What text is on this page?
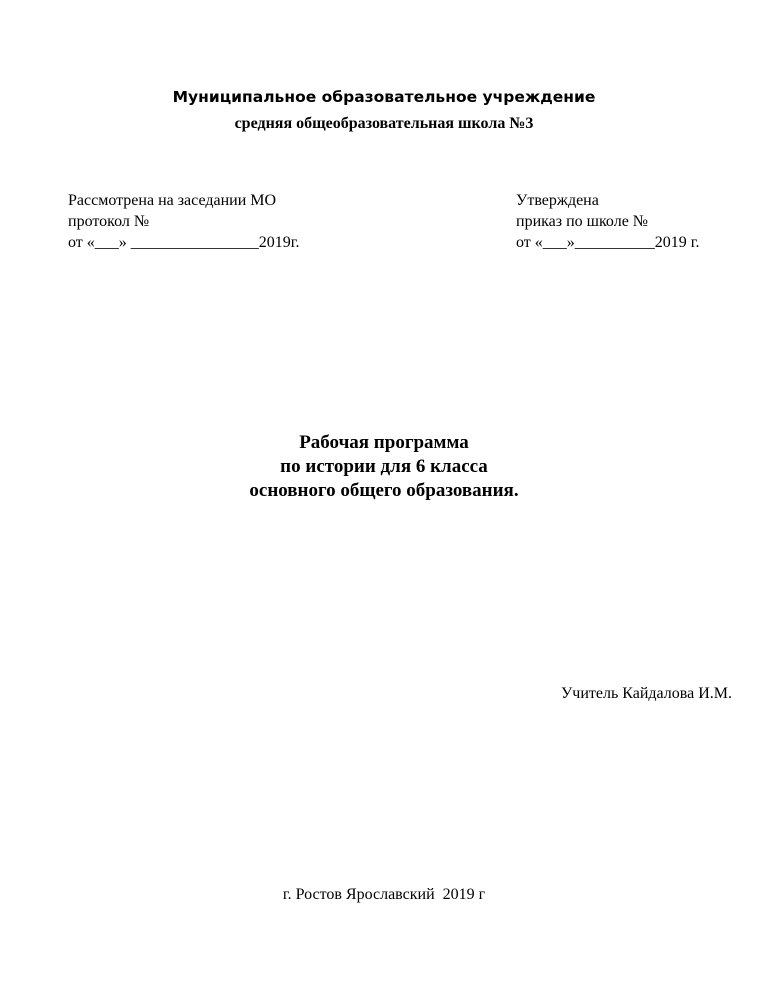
Муниципальное образовательное учреждение
средняя общеобразовательная школа №3
Рассмотрена на заседании МО
протокол №
от «___» ________________2019г.
Утверждена
приказ по школе №
от «___»__________2019 г.
Рабочая программа
по истории для 6 класса
основного общего образования.
Учитель Кайдалова И.М.
г. Ростов Ярославский  2019 г
